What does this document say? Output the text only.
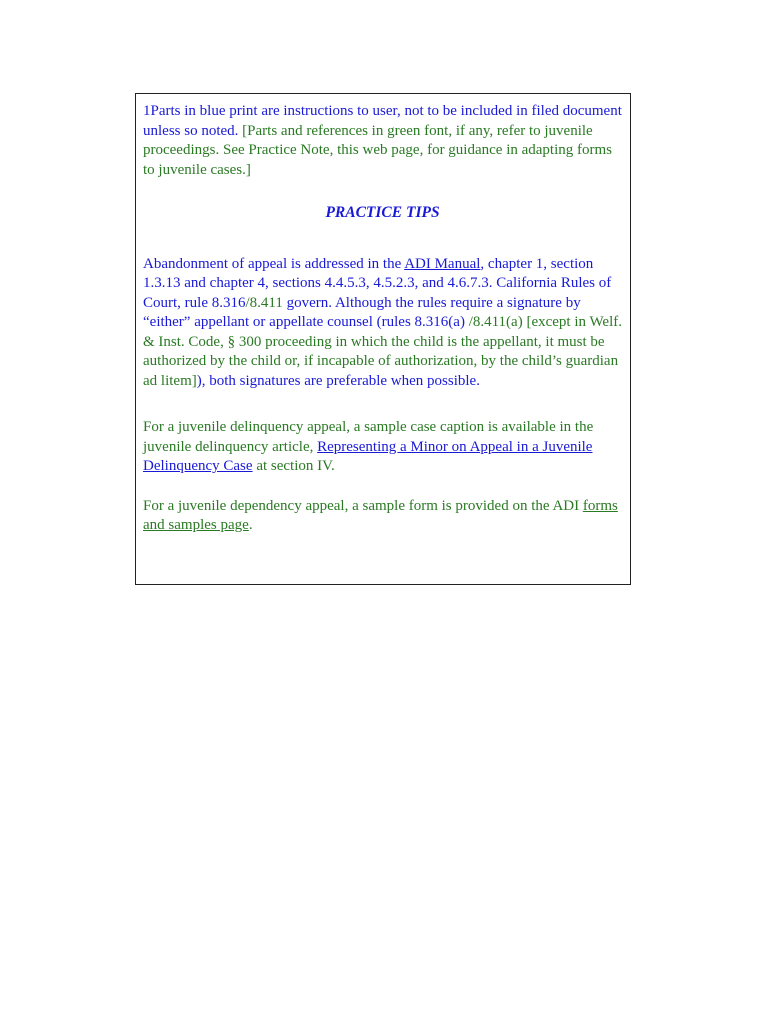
1Parts in blue print are instructions to user, not to be included in filed document unless so noted. [Parts and references in green font, if any, refer to juvenile proceedings. See Practice Note, this web page, for guidance in adapting forms to juvenile cases.]

PRACTICE TIPS

Abandonment of appeal is addressed in the ADI Manual, chapter 1, section 1.3.13 and chapter 4, sections 4.4.5.3, 4.5.2.3, and 4.6.7.3. California Rules of Court, rule 8.316/8.411 govern. Although the rules require a signature by “either” appellant or appellate counsel (rules 8.316(a) /8.411(a) [except in Welf. & Inst. Code, § 300 proceeding in which the child is the appellant, it must be authorized by the child or, if incapable of authorization, by the child’s guardian ad litem]), both signatures are preferable when possible.

For a juvenile delinquency appeal, a sample case caption is available in the juvenile delinquency article, Representing a Minor on Appeal in a Juvenile Delinquency Case at section IV.

For a juvenile dependency appeal, a sample form is provided on the ADI forms and samples page.
